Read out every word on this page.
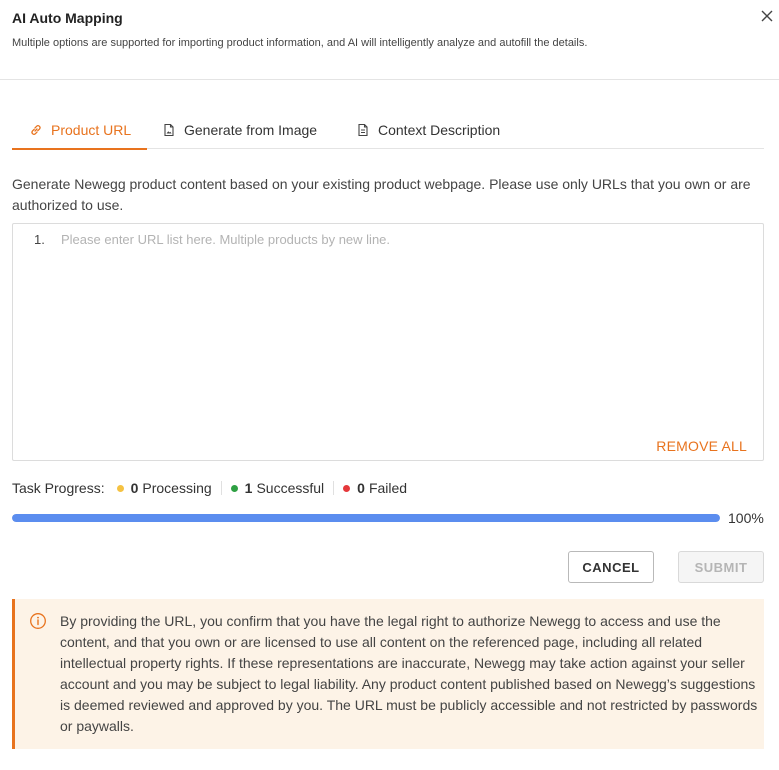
AI Auto Mapping
Multiple options are supported for importing product information, and AI will intelligently analyze and autofill the details.
Product URL	Generate from Image	Context Description
Generate Newegg product content based on your existing product webpage. Please use only URLs that you own or are authorized to use.
1.
Please enter URL list here. Multiple products by new line.
REMOVE ALL
Task Progress: 0 Processing 1 Successful 0 Failed
100%
CANCEL	SUBMIT
By providing the URL, you confirm that you have the legal right to authorize Newegg to access and use the content, and that you own or are licensed to use all content on the referenced page, including all related intellectual property rights. If these representations are inaccurate, Newegg may take action against your seller account and you may be subject to legal liability. Any product content published based on Newegg’s suggestions is deemed reviewed and approved by you. The URL must be publicly accessible and not restricted by passwords or paywalls.
